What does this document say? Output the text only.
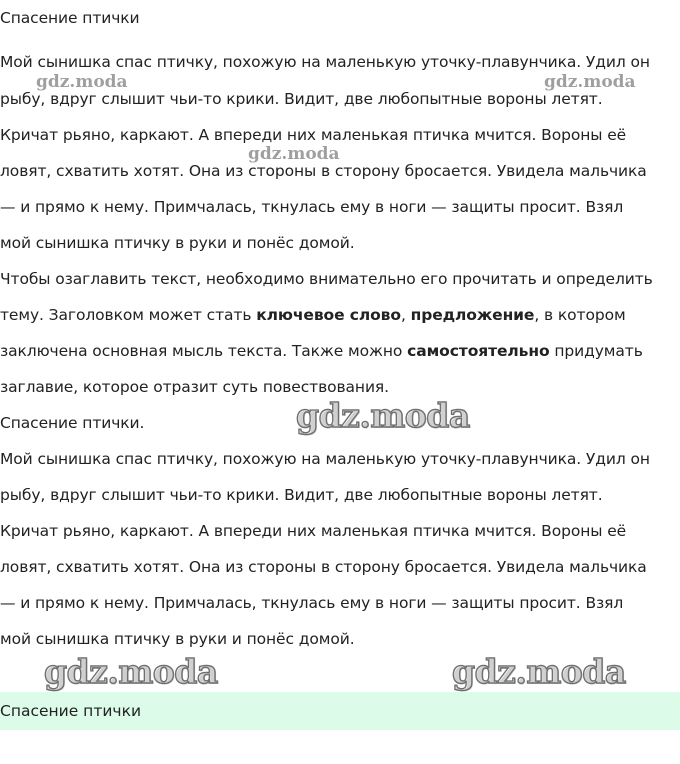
Спасение птички
Мой сынишка спас птичку, похожую на маленькую уточку-плавунчика. Удил он
рыбу, вдруг слышит чьи-то крики. Видит, две любопытные вороны летят.
Кричат рьяно, каркают. А впереди них маленькая птичка мчится. Вороны её
ловят, схватить хотят. Она из стороны в сторону бросается. Увидела мальчика
— и прямо к нему. Примчалась, ткнулась ему в ноги — защиты просит. Взял
мой сынишка птичку в руки и понёс домой.
Чтобы озаглавить текст, необходимо внимательно его прочитать и определить
тему. Заголовком может стать ключевое слово, предложение, в котором
заключена основная мысль текста. Также можно самостоятельно придумать
заглавие, которое отразит суть повествования.
Спасение птички.
Мой сынишка спас птичку, похожую на маленькую уточку-плавунчика. Удил он
рыбу, вдруг слышит чьи-то крики. Видит, две любопытные вороны летят.
Кричат рьяно, каркают. А впереди них маленькая птичка мчится. Вороны её
ловят, схватить хотят. Она из стороны в сторону бросается. Увидела мальчика
— и прямо к нему. Примчалась, ткнулась ему в ноги — защиты просит. Взял
мой сынишка птичку в руки и понёс домой.
gdz.moda	gdz.moda
gdz.moda
gdz.moda
gdz.moda	gdz.moda
Спасение птички
